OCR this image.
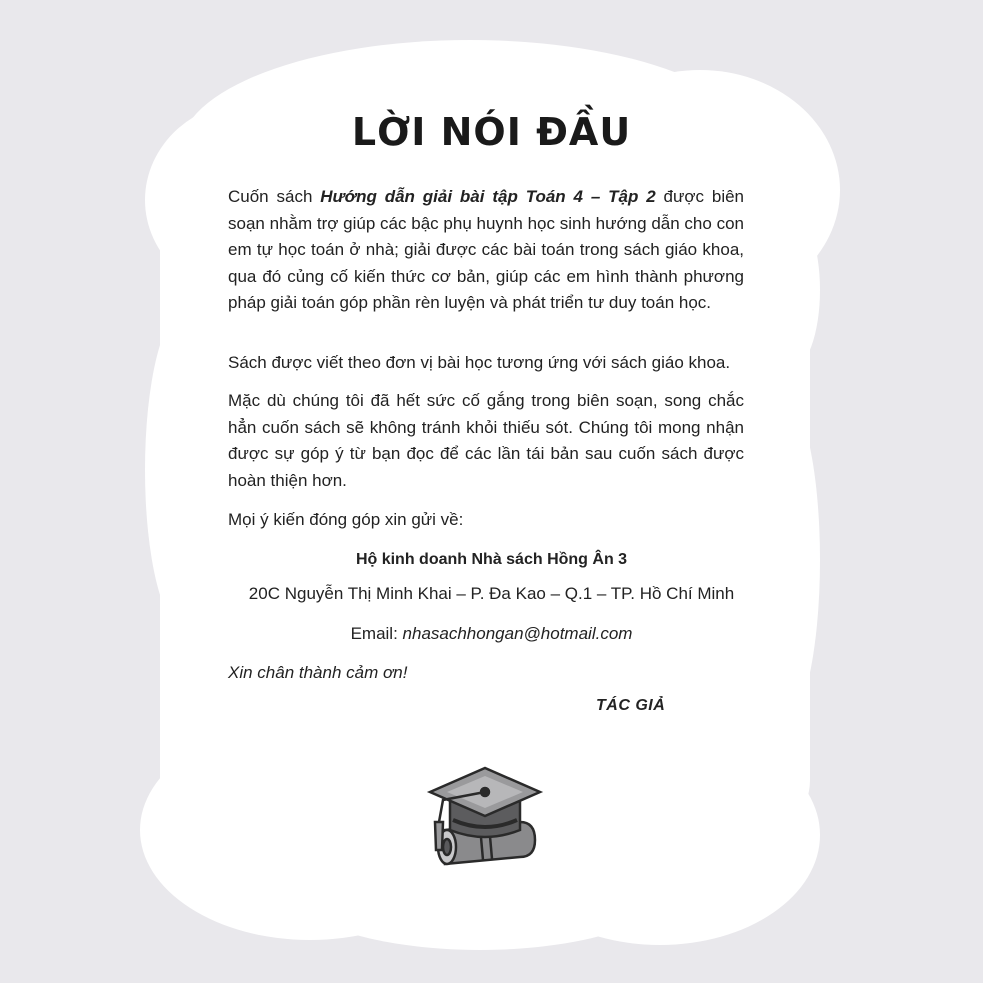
LỜI NÓI ĐẦU

Cuốn sách Hướng dẫn giải bài tập Toán 4 – Tập 2 được biên soạn nhằm trợ giúp các bậc phụ huynh học sinh hướng dẫn cho con em tự học toán ở nhà; giải được các bài toán trong sách giáo khoa, qua đó củng cố kiến thức cơ bản, giúp các em hình thành phương pháp giải toán góp phần rèn luyện và phát triển tư duy toán học.

Sách được viết theo đơn vị bài học tương ứng với sách giáo khoa.

Mặc dù chúng tôi đã hết sức cố gắng trong biên soạn, song chắc hẳn cuốn sách sẽ không tránh khỏi thiếu sót. Chúng tôi mong nhận được sự góp ý từ bạn đọc để các lần tái bản sau cuốn sách được hoàn thiện hơn.

Mọi ý kiến đóng góp xin gửi về:
Hộ kinh doanh Nhà sách Hồng Ân 3
20C Nguyễn Thị Minh Khai – P. Đa Kao – Q.1 – TP. Hồ Chí Minh
Email: nhasachhongan@hotmail.com
Xin chân thành cảm ơn!
TÁC GIẢ
